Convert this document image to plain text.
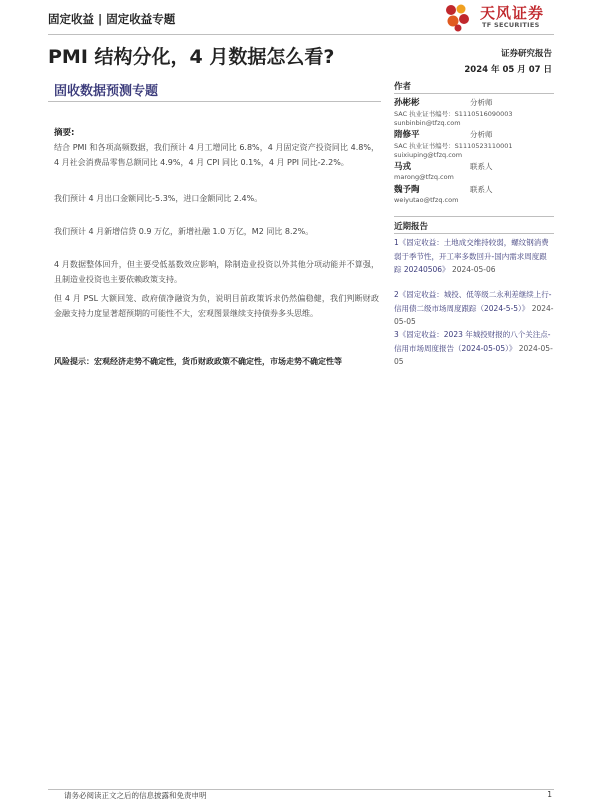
固定收益 | 固定收益专题	天风证券
TF SECURITIES
PMI 结构分化，4 月数据怎么看?	证券研究报告
2024 年 05 月 07 日
固收数据预测专题
摘要:
结合 PMI 和各项高频数据，我们预计 4 月工增同比 6.8%，4 月固定资产投资同比 4.8%，4 月社会消费品零售总额同比 4.9%，4 月 CPI 同比 0.1%，4 月 PPI 同比-2.2%。
我们预计 4 月出口金额同比-5.3%，进口金额同比 2.4%。
我们预计 4 月新增信贷 0.9 万亿，新增社融 1.0 万亿，M2 同比 8.2%。
4 月数据整体回升，但主要受低基数效应影响，除制造业投资以外其他分项动能并不算强，且制造业投资也主要依赖政策支持。
但 4 月 PSL 大额回笼、政府债净融资为负，说明目前政策诉求仍然偏稳健，我们判断财政金融支持力度显著超预期的可能性不大，宏观图景继续支持债券多头思维。
风险提示：宏观经济走势不确定性，货币财政政策不确定性，市场走势不确定性等
作者
孙彬彬	分析师
SAC 执业证书编号：S1110516090003
sunbinbin@tfzq.com
隋修平	分析师
SAC 执业证书编号：S1110523110001
suixiuping@tfzq.com
马戎	联系人
marong@tfzq.com
魏予陶	联系人
weiyutao@tfzq.com
近期报告
1《固定收益：土地成交维持较弱，螺纹钢消费弱于季节性，开工率多数回升-国内需求周度跟踪 20240506》 2024-05-06
2《固定收益：城投、低等级二永利差继续上行-信用债二级市场周度跟踪（2024-5-5）》 2024-05-05
3《固定收益：2023 年城投财报的八个关注点-信用市场周度报告（2024-05-05）》 2024-05-05
请务必阅读正文之后的信息披露和免责申明	1
